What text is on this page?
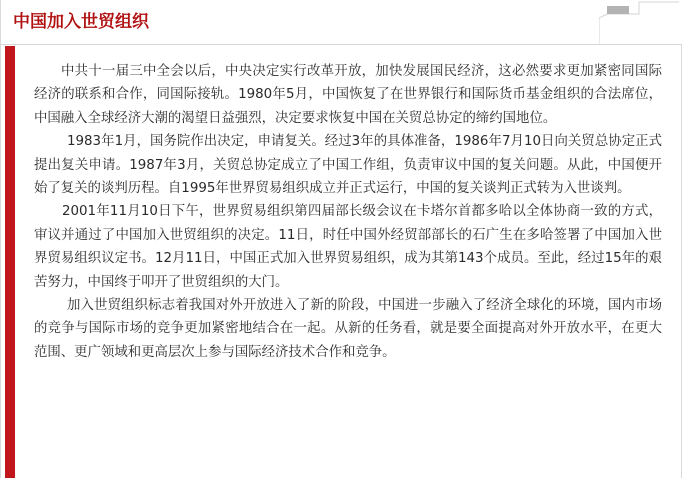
中国加入世贸组织

中共十一届三中全会以后，中央决定实行改革开放，加快发展国民经济，这必然要求更加紧密同国际经济的联系和合作，同国际接轨。1980年5月，中国恢复了在世界银行和国际货币基金组织的合法席位，中国融入全球经济大潮的渴望日益强烈，决定要求恢复中国在关贸总协定的缔约国地位。

1983年1月，国务院作出决定，申请复关。经过3年的具体准备，1986年7月10日向关贸总协定正式提出复关申请。1987年3月，关贸总协定成立了中国工作组，负责审议中国的复关问题。从此，中国便开始了复关的谈判历程。自1995年世界贸易组织成立并正式运行，中国的复关谈判正式转为入世谈判。

2001年11月10日下午，世界贸易组织第四届部长级会议在卡塔尔首都多哈以全体协商一致的方式，审议并通过了中国加入世贸组织的决定。11日，时任中国外经贸部部长的石广生在多哈签署了中国加入世界贸易组织议定书。12月11日，中国正式加入世界贸易组织，成为其第143个成员。至此，经过15年的艰苦努力，中国终于叩开了世贸组织的大门。

加入世贸组织标志着我国对外开放进入了新的阶段，中国进一步融入了经济全球化的环境，国内市场的竞争与国际市场的竞争更加紧密地结合在一起。从新的任务看，就是要全面提高对外开放水平，在更大范围、更广领域和更高层次上参与国际经济技术合作和竞争。
